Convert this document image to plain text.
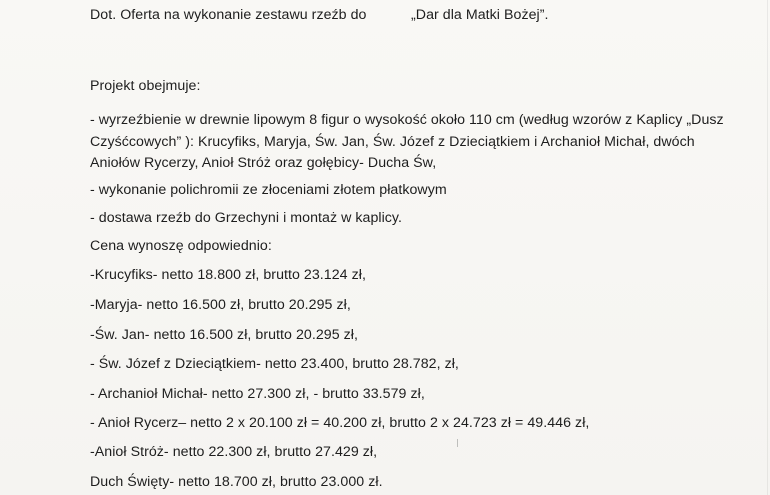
Dot. Oferta na wykonanie zestawu rzeźb do	„Dar dla Matki Bożej”.
Projekt obejmuje:
- wyrzeźbienie w drewnie lipowym 8 figur o wysokość około 110 cm (według wzorów z Kaplicy „Dusz
Czyśćcowych” ): Krucyfiks, Maryja, Św. Jan, Św. Józef z Dzieciątkiem i Archanioł Michał, dwóch
Aniołów Rycerzy, Anioł Stróż oraz gołębicy- Ducha Św,
- wykonanie polichromii ze złoceniami złotem płatkowym
- dostawa rzeźb do Grzechyni i montaż w kaplicy.
Cena wynoszę odpowiednio:
-Krucyfiks- netto 18.800 zł, brutto 23.124 zł,
-Maryja- netto 16.500 zł, brutto 20.295 zł,
-Św. Jan- netto 16.500 zł, brutto 20.295 zł,
- Św. Józef z Dzieciątkiem- netto 23.400, brutto 28.782, zł,
- Archanioł Michał- netto 27.300 zł, - brutto 33.579 zł,
- Anioł Rycerz– netto 2 x 20.100 zł = 40.200 zł, brutto 2 x 24.723 zł = 49.446 zł,
-Anioł Stróż- netto 22.300 zł, brutto 27.429 zł,
Duch Święty- netto 18.700 zł, brutto 23.000 zł.
